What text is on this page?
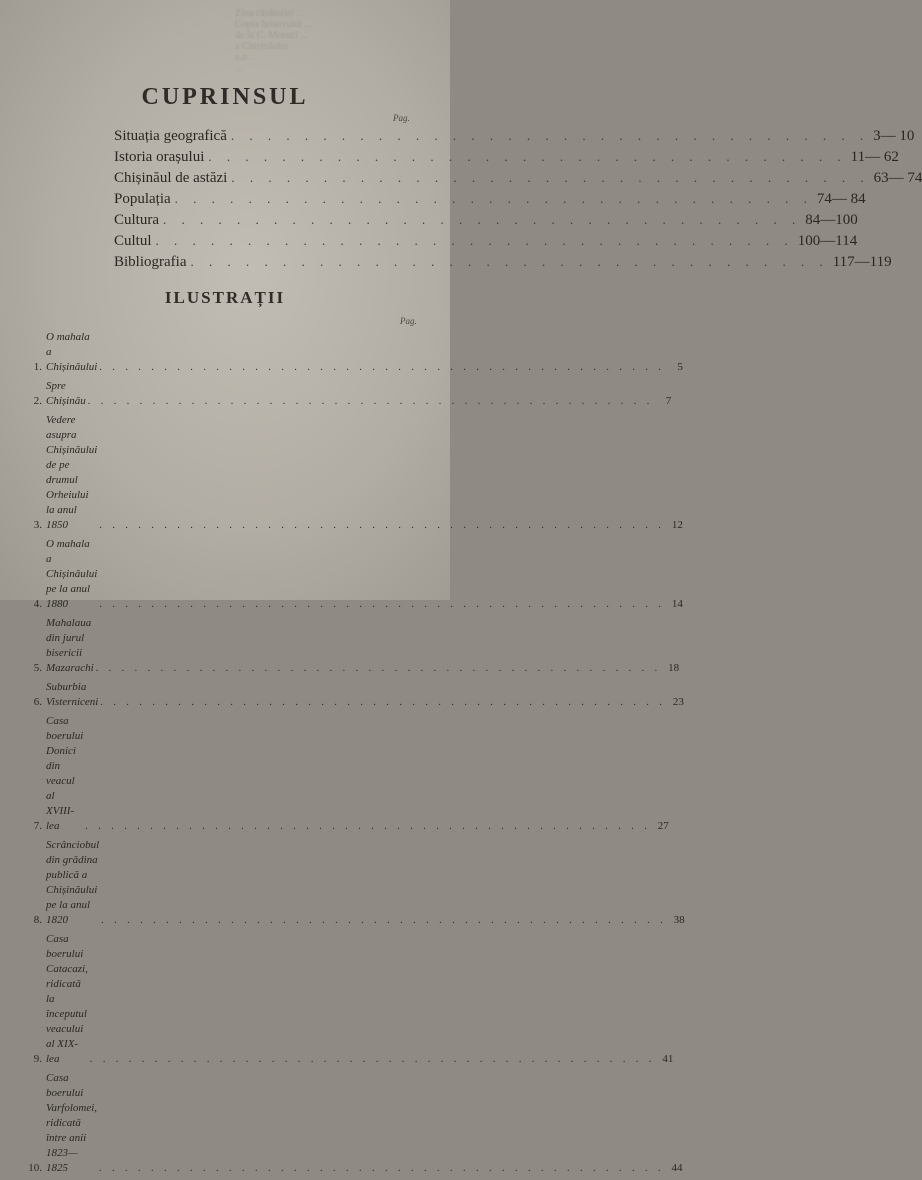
Ziua căsătoriei ...
Copia hrisovului ...
de la C. Moruzi ...
a Chișinăului
a.n ...
...
CUPRINSUL
Pag.
Situația geografică . . .	3— 10
Istoria orașului . . .	11— 62
Chișinăul de astăzi . . .	63— 74
Populația . . .	74— 84
Cultura . . .	84—100
Cultul . . .	100—114
Bibliografia . . .	117—119
ILUSTRAȚII
Pag.
1.
O mahala a Chișinăului . . .	5
2.
Spre Chișinău . . .	7
3.
Vedere asupra Chișinăului de pe drumul Orheiului la anul 1850 . . .	12
4.
O mahala a Chișinăului pe la anul 1880 . . .	14
5.
Mahalaua din jurul bisericii Mazarachi . . .	18
6.
Suburbia Visterniceni . . .	23
7.
Casa boerului Donici din veacul al XVIII-lea . . .	27
8.
Scrânciobul din grădina publică a Chișinăului pe la anul 1820 . . .	38
9.
Casa boerului Catacazi, ridicată la începutul veacului al XIX-lea . . .	41
10.
Casa boerului Varfolomei, ridicată între anii 1823—1825 . . .	44
